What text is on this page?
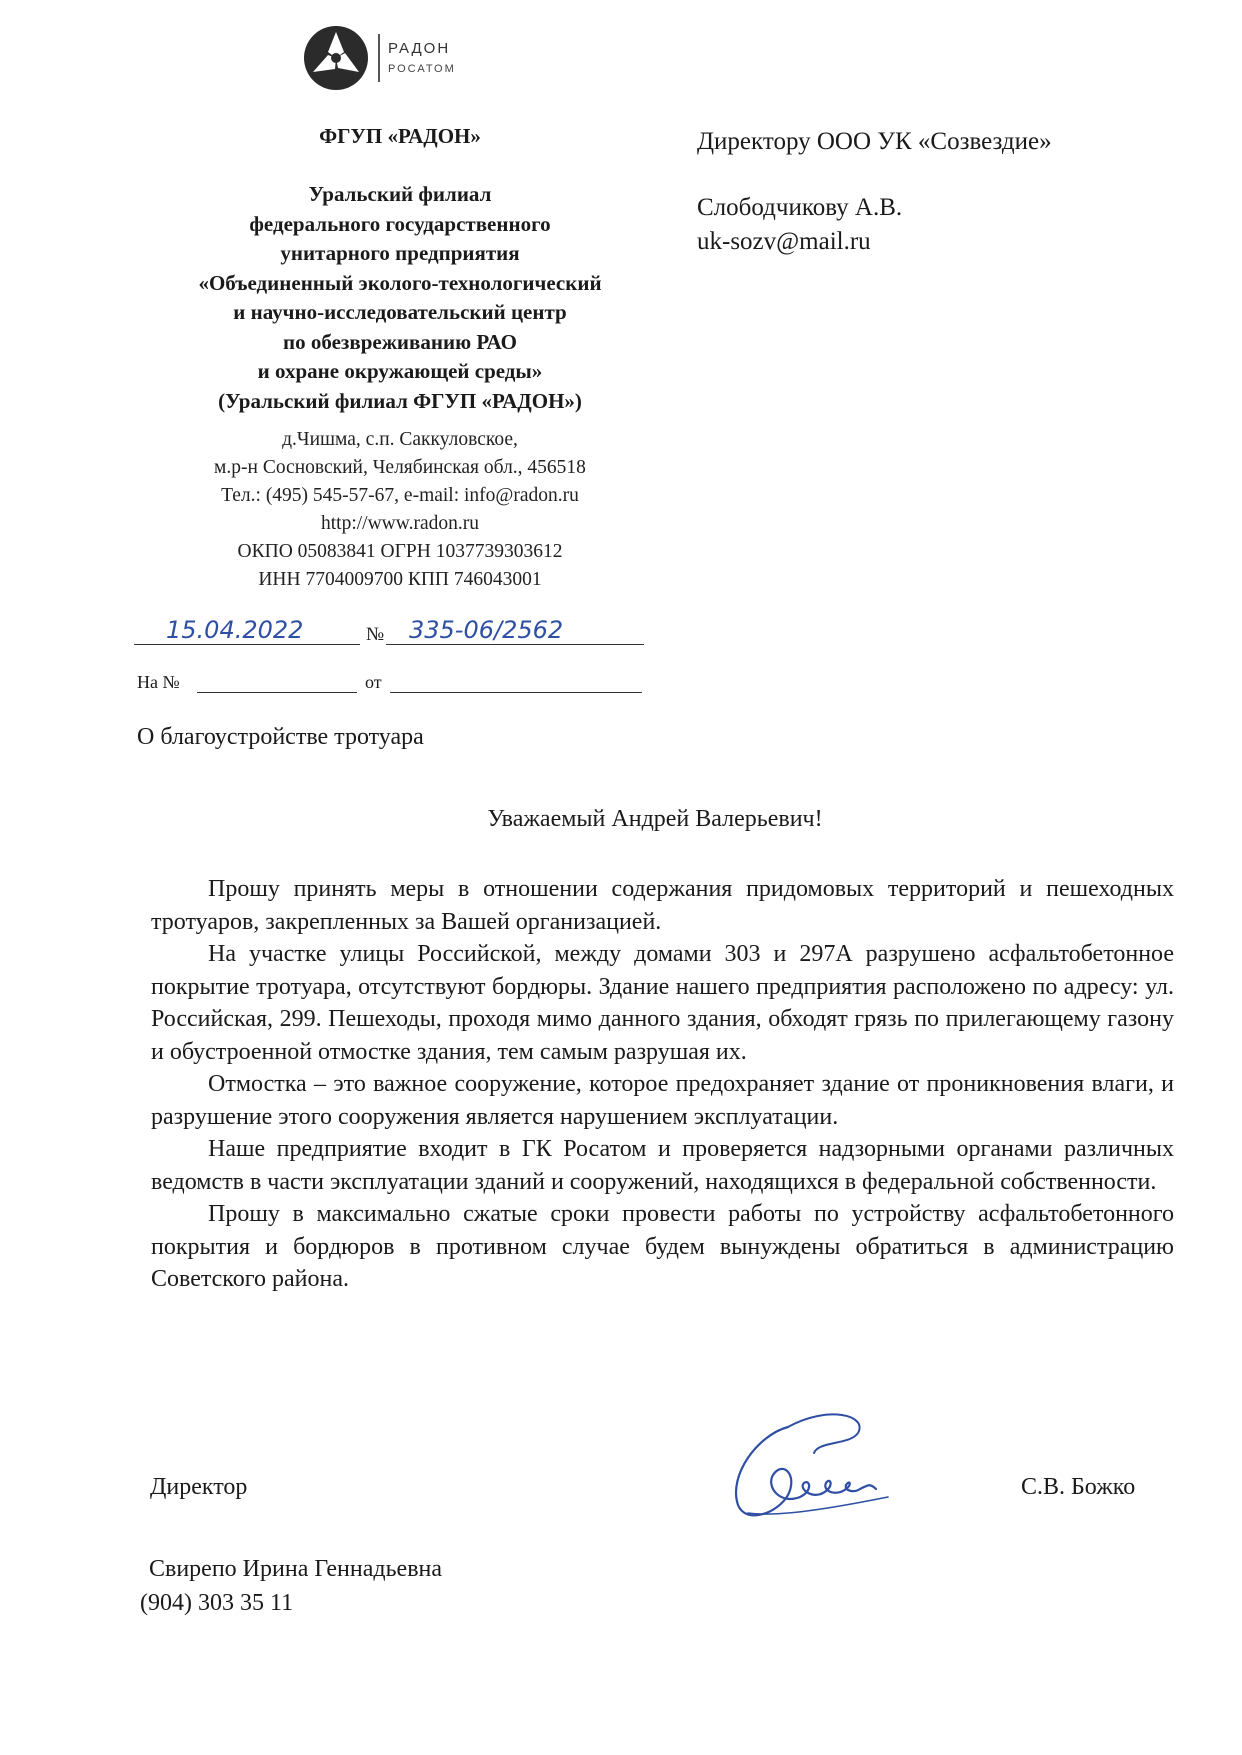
РАДОН
РОСАТОМ
ФГУП «РАДОН»
Уральский филиал
федерального государственного
унитарного предприятия
«Объединенный эколого-технологический
и научно-исследовательский центр
по обезвреживанию РАО
и охране окружающей среды»
(Уральский филиал ФГУП «РАДОН»)
д.Чишма, с.п. Саккуловское,
м.р-н Сосновский, Челябинская обл., 456518
Тел.: (495) 545-57-67, e-mail: info@radon.ru
http://www.radon.ru
ОКПО 05083841 ОГРН 1037739303612
ИНН 7704009700 КПП 746043001
Директору ООО УК «Созвездие»
Слободчикову А.В.
uk-sozv@mail.ru
15.04.2022	№ 335-06/2562
На №	от
О благоустройстве тротуара
Уважаемый Андрей Валерьевич!

Прошу принять меры в отношении содержания придомовых территорий и пешеходных тротуаров, закрепленных за Вашей организацией.

На участке улицы Российской, между домами 303 и 297А разрушено асфальтобетонное покрытие тротуара, отсутствуют бордюры. Здание нашего предприятия расположено по адресу: ул. Российская, 299. Пешеходы, проходя мимо данного здания, обходят грязь по прилегающему газону и обустроенной отмостке здания, тем самым разрушая их.

Отмостка – это важное сооружение, которое предохраняет здание от проникновения влаги, и разрушение этого сооружения является нарушением эксплуатации.

Наше предприятие входит в ГК Росатом и проверяется надзорными органами различных ведомств в части эксплуатации зданий и сооружений, находящихся в федеральной собственности.

Прошу в максимально сжатые сроки провести работы по устройству асфальтобетонного покрытия и бордюров в противном случае будем вынуждены обратиться в администрацию Советского района.

Директор	С.В. Божко
Свирепо Ирина Геннадьевна
(904) 303 35 11
